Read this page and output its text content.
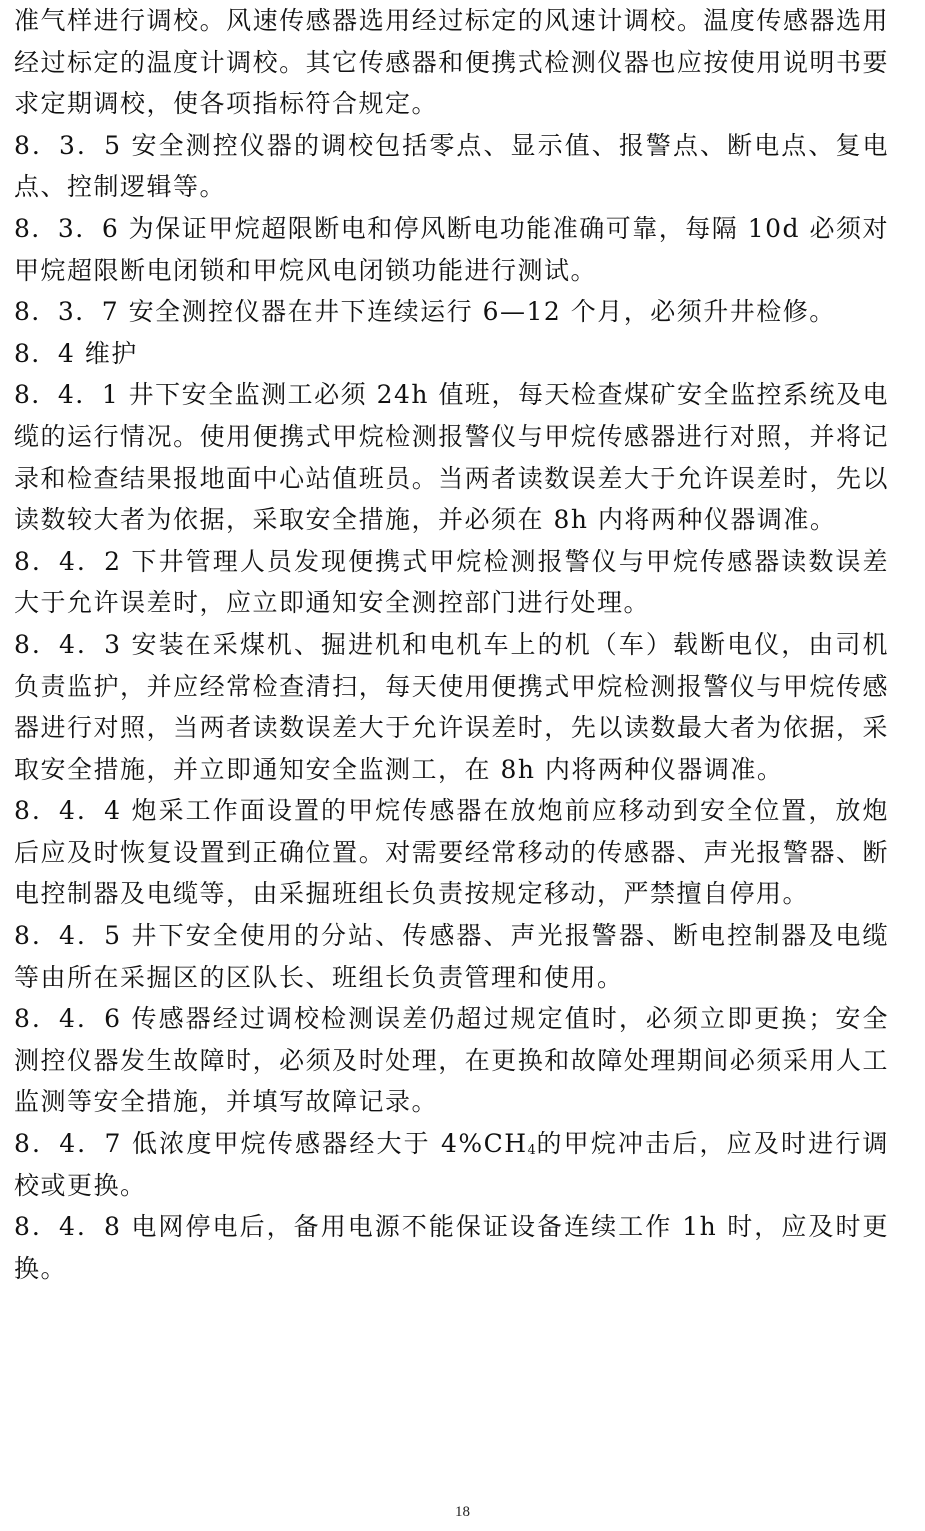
准气样进行调校。风速传感器选用经过标定的风速计调校。温度传感器选用经过标定的温度计调校。其它传感器和便携式检测仪器也应按使用说明书要求定期调校，使各项指标符合规定。

8．3．5 安全测控仪器的调校包括零点、显示值、报警点、断电点、复电点、控制逻辑等。

8．3．6 为保证甲烷超限断电和停风断电功能准确可靠，每隔 10d 必须对甲烷超限断电闭锁和甲烷风电闭锁功能进行测试。

8．3．7 安全测控仪器在井下连续运行 6—12 个月，必须升井检修。

8．4 维护

8．4．1 井下安全监测工必须 24h 值班，每天检查煤矿安全监控系统及电缆的运行情况。使用便携式甲烷检测报警仪与甲烷传感器进行对照，并将记录和检查结果报地面中心站值班员。当两者读数误差大于允许误差时，先以读数较大者为依据，采取安全措施，并必须在 8h 内将两种仪器调准。

8．4．2 下井管理人员发现便携式甲烷检测报警仪与甲烷传感器读数误差大于允许误差时，应立即通知安全测控部门进行处理。

8．4．3 安装在采煤机、掘进机和电机车上的机（车）载断电仪，由司机负责监护，并应经常检查清扫，每天使用便携式甲烷检测报警仪与甲烷传感器进行对照，当两者读数误差大于允许误差时，先以读数最大者为依据，采取安全措施，并立即通知安全监测工，在 8h 内将两种仪器调准。

8．4．4 炮采工作面设置的甲烷传感器在放炮前应移动到安全位置，放炮后应及时恢复设置到正确位置。对需要经常移动的传感器、声光报警器、断电控制器及电缆等，由采掘班组长负责按规定移动，严禁擅自停用。

8．4．5 井下安全使用的分站、传感器、声光报警器、断电控制器及电缆等由所在采掘区的区队长、班组长负责管理和使用。

8．4．6 传感器经过调校检测误差仍超过规定值时，必须立即更换；安全测控仪器发生故障时，必须及时处理，在更换和故障处理期间必须采用人工监测等安全措施，并填写故障记录。

8．4．7 低浓度甲烷传感器经大于 $4\%CH_4$的甲烷冲击后，应及时进行调校或更换。

8．4．8 电网停电后，备用电源不能保证设备连续工作 1h 时，应及时更换。

18
